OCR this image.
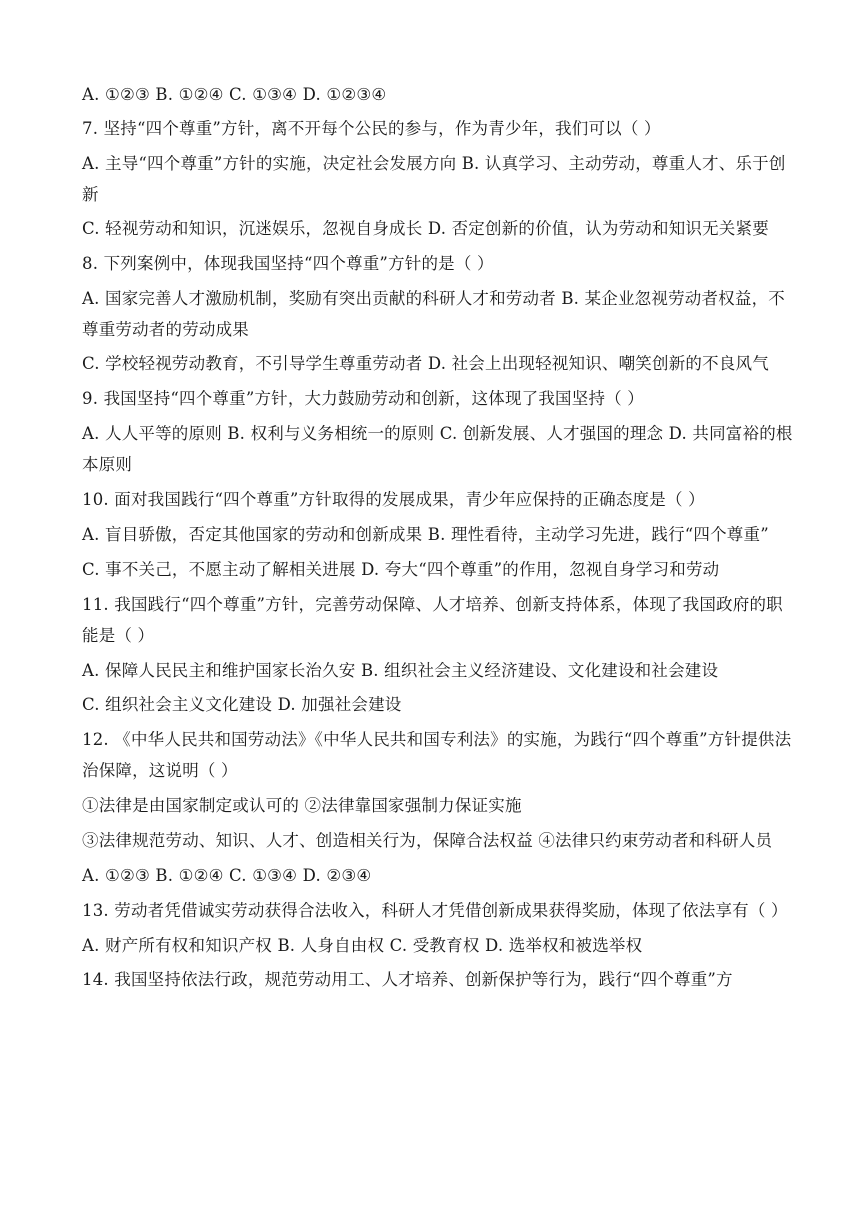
A. ①②③ B. ①②④ C. ①③④ D. ①②③④
7. 坚持“四个尊重”方针，离不开每个公民的参与，作为青少年，我们可以（ ）
A. 主导“四个尊重”方针的实施，决定社会发展方向 B. 认真学习、主动劳动，尊重人才、乐于创新
C. 轻视劳动和知识，沉迷娱乐，忽视自身成长 D. 否定创新的价值，认为劳动和知识无关紧要
8. 下列案例中，体现我国坚持“四个尊重”方针的是（ ）
A. 国家完善人才激励机制，奖励有突出贡献的科研人才和劳动者 B. 某企业忽视劳动者权益，不尊重劳动者的劳动成果
C. 学校轻视劳动教育，不引导学生尊重劳动者 D. 社会上出现轻视知识、嘲笑创新的不良风气
9. 我国坚持“四个尊重”方针，大力鼓励劳动和创新，这体现了我国坚持（ ）
A. 人人平等的原则 B. 权利与义务相统一的原则 C. 创新发展、人才强国的理念 D. 共同富裕的根本原则
10. 面对我国践行“四个尊重”方针取得的发展成果，青少年应保持的正确态度是（ ）
A. 盲目骄傲，否定其他国家的劳动和创新成果 B. 理性看待，主动学习先进，践行“四个尊重”
C. 事不关己，不愿主动了解相关进展 D. 夸大“四个尊重”的作用，忽视自身学习和劳动
11. 我国践行“四个尊重”方针，完善劳动保障、人才培养、创新支持体系，体现了我国政府的职能是（ ）
A. 保障人民民主和维护国家长治久安 B. 组织社会主义经济建设、文化建设和社会建设
C. 组织社会主义文化建设 D. 加强社会建设
12. 《中华人民共和国劳动法》《中华人民共和国专利法》的实施，为践行“四个尊重”方针提供法治保障，这说明（ ）
①法律是由国家制定或认可的 ②法律靠国家强制力保证实施
③法律规范劳动、知识、人才、创造相关行为，保障合法权益 ④法律只约束劳动者和科研人员
A. ①②③ B. ①②④ C. ①③④ D. ②③④
13. 劳动者凭借诚实劳动获得合法收入，科研人才凭借创新成果获得奖励，体现了依法享有（ ）
A. 财产所有权和知识产权 B. 人身自由权 C. 受教育权 D. 选举权和被选举权
14. 我国坚持依法行政，规范劳动用工、人才培养、创新保护等行为，践行“四个尊重”方
